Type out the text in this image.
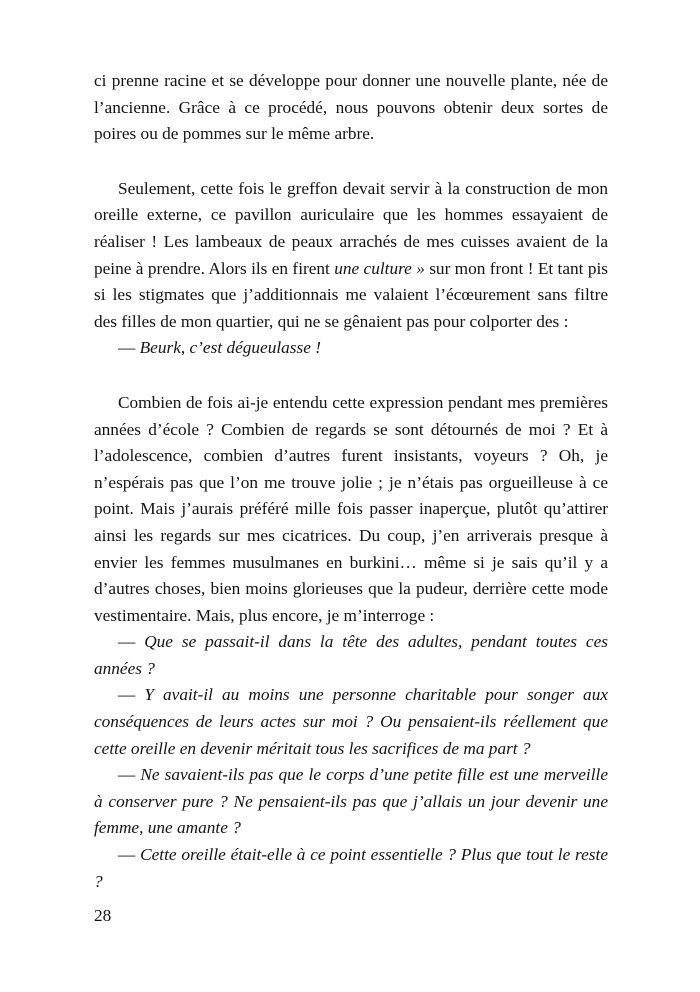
ci prenne racine et se développe pour donner une nouvelle plante, née de l’ancienne. Grâce à ce procédé, nous pouvons obtenir deux sortes de poires ou de pommes sur le même arbre.

Seulement, cette fois le greffon devait servir à la construction de mon oreille externe, ce pavillon auriculaire que les hommes essayaient de réaliser ! Les lambeaux de peaux arrachés de mes cuisses avaient de la peine à prendre. Alors ils en firent une culture » sur mon front ! Et tant pis si les stigmates que j’additionnais me valaient l’écœurement sans filtre des filles de mon quartier, qui ne se gênaient pas pour colporter des :

— Beurk, c’est dégueulasse !

Combien de fois ai-je entendu cette expression pendant mes premières années d’école ? Combien de regards se sont détournés de moi ? Et à l’adolescence, combien d’autres furent insistants, voyeurs ? Oh, je n’espérais pas que l’on me trouve jolie ; je n’étais pas orgueilleuse à ce point. Mais j’aurais préféré mille fois passer inaperçue, plutôt qu’attirer ainsi les regards sur mes cicatrices. Du coup, j’en arriverais presque à envier les femmes musulmanes en burkini… même si je sais qu’il y a d’autres choses, bien moins glorieuses que la pudeur, derrière cette mode vestimentaire. Mais, plus encore, je m’interroge :

— Que se passait-il dans la tête des adultes, pendant toutes ces années ?

— Y avait-il au moins une personne charitable pour songer aux conséquences de leurs actes sur moi ? Ou pensaient-ils réellement que cette oreille en devenir méritait tous les sacrifices de ma part ?

— Ne savaient-ils pas que le corps d’une petite fille est une merveille à conserver pure ? Ne pensaient-ils pas que j’allais un jour devenir une femme, une amante ?

— Cette oreille était-elle à ce point essentielle ? Plus que tout le reste ?

28
